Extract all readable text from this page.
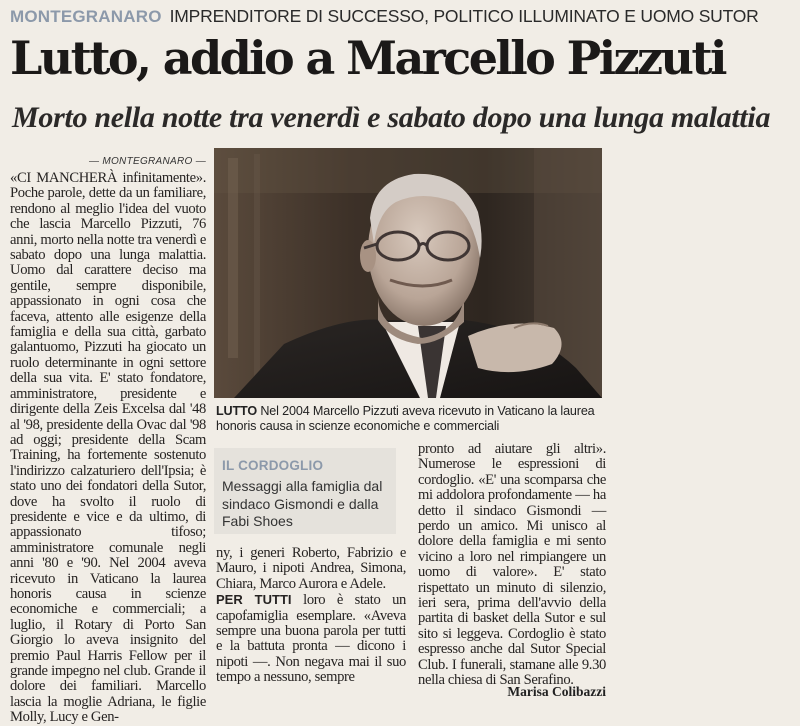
MONTEGRANARO IMPRENDITORE DI SUCCESSO, POLITICO ILLUMINATO E UOMO SUTOR
Lutto, addio a Marcello Pizzuti
Morto nella notte tra venerdì e sabato dopo una lunga malattia
— MONTEGRANARO —

«CI MANCHERÀ infinitamente». Poche parole, dette da un familiare, rendono al meglio l'idea del vuoto che lascia Marcello Pizzuti, 76 anni, morto nella notte tra venerdì e sabato dopo una lunga malattia. Uomo dal carattere deciso ma gentile, sempre disponibile, appassionato in ogni cosa che faceva, attento alle esigenze della famiglia e della sua città, garbato galantuomo, Pizzuti ha giocato un ruolo determinante in ogni settore della sua vita. E' stato fondatore, amministratore, presidente e dirigente della Zeis Excelsa dal '48 al '98, presidente della Ovac dal '98 ad oggi; presidente della Scam Training, ha fortemente sostenuto l'indirizzo calzaturiero dell'Ipsia; è stato uno dei fondatori della Sutor, dove ha svolto il ruolo di presidente e vice e da ultimo, di appassionato tifoso; amministratore comunale negli anni '80 e '90. Nel 2004 aveva ricevuto in Vaticano la laurea honoris causa in scienze economiche e commerciali; a luglio, il Rotary di Porto San Giorgio lo aveva insignito del premio Paul Harris Fellow per il grande impegno nel club. Grande il dolore dei familiari. Marcello lascia la moglie Adriana, le figlie Molly, Lucy e Gen-

LUTTO Nel 2004 Marcello Pizzuti aveva ricevuto in Vaticano la laurea honoris causa in scienze economiche e commerciali
IL CORDOGLIO
Messaggi alla famiglia dal sindaco Gismondi e dalla Fabi Shoes

ny, i generi Roberto, Fabrizio e Mauro, i nipoti Andrea, Simona, Chiara, Marco Aurora e Adele.
PER TUTTI loro è stato un capofamiglia esemplare. «Aveva sempre una buona parola per tutti e la battuta pronta — dicono i nipoti —. Non negava mai il suo tempo a nessuno, sempre

pronto ad aiutare gli altri». Numerose le espressioni di cordoglio. «E' una scomparsa che mi addolora profondamente — ha detto il sindaco Gismondi — perdo un amico. Mi unisco al dolore della famiglia e mi sento vicino a loro nel rimpiangere un uomo di valore». E' stato rispettato un minuto di silenzio, ieri sera, prima dell'avvio della partita di basket della Sutor e sul sito si leggeva. Cordoglio è stato espresso anche dal Sutor Special Club. I funerali, stamane alle 9.30 nella chiesa di San Serafino.

Marisa Colibazzi
